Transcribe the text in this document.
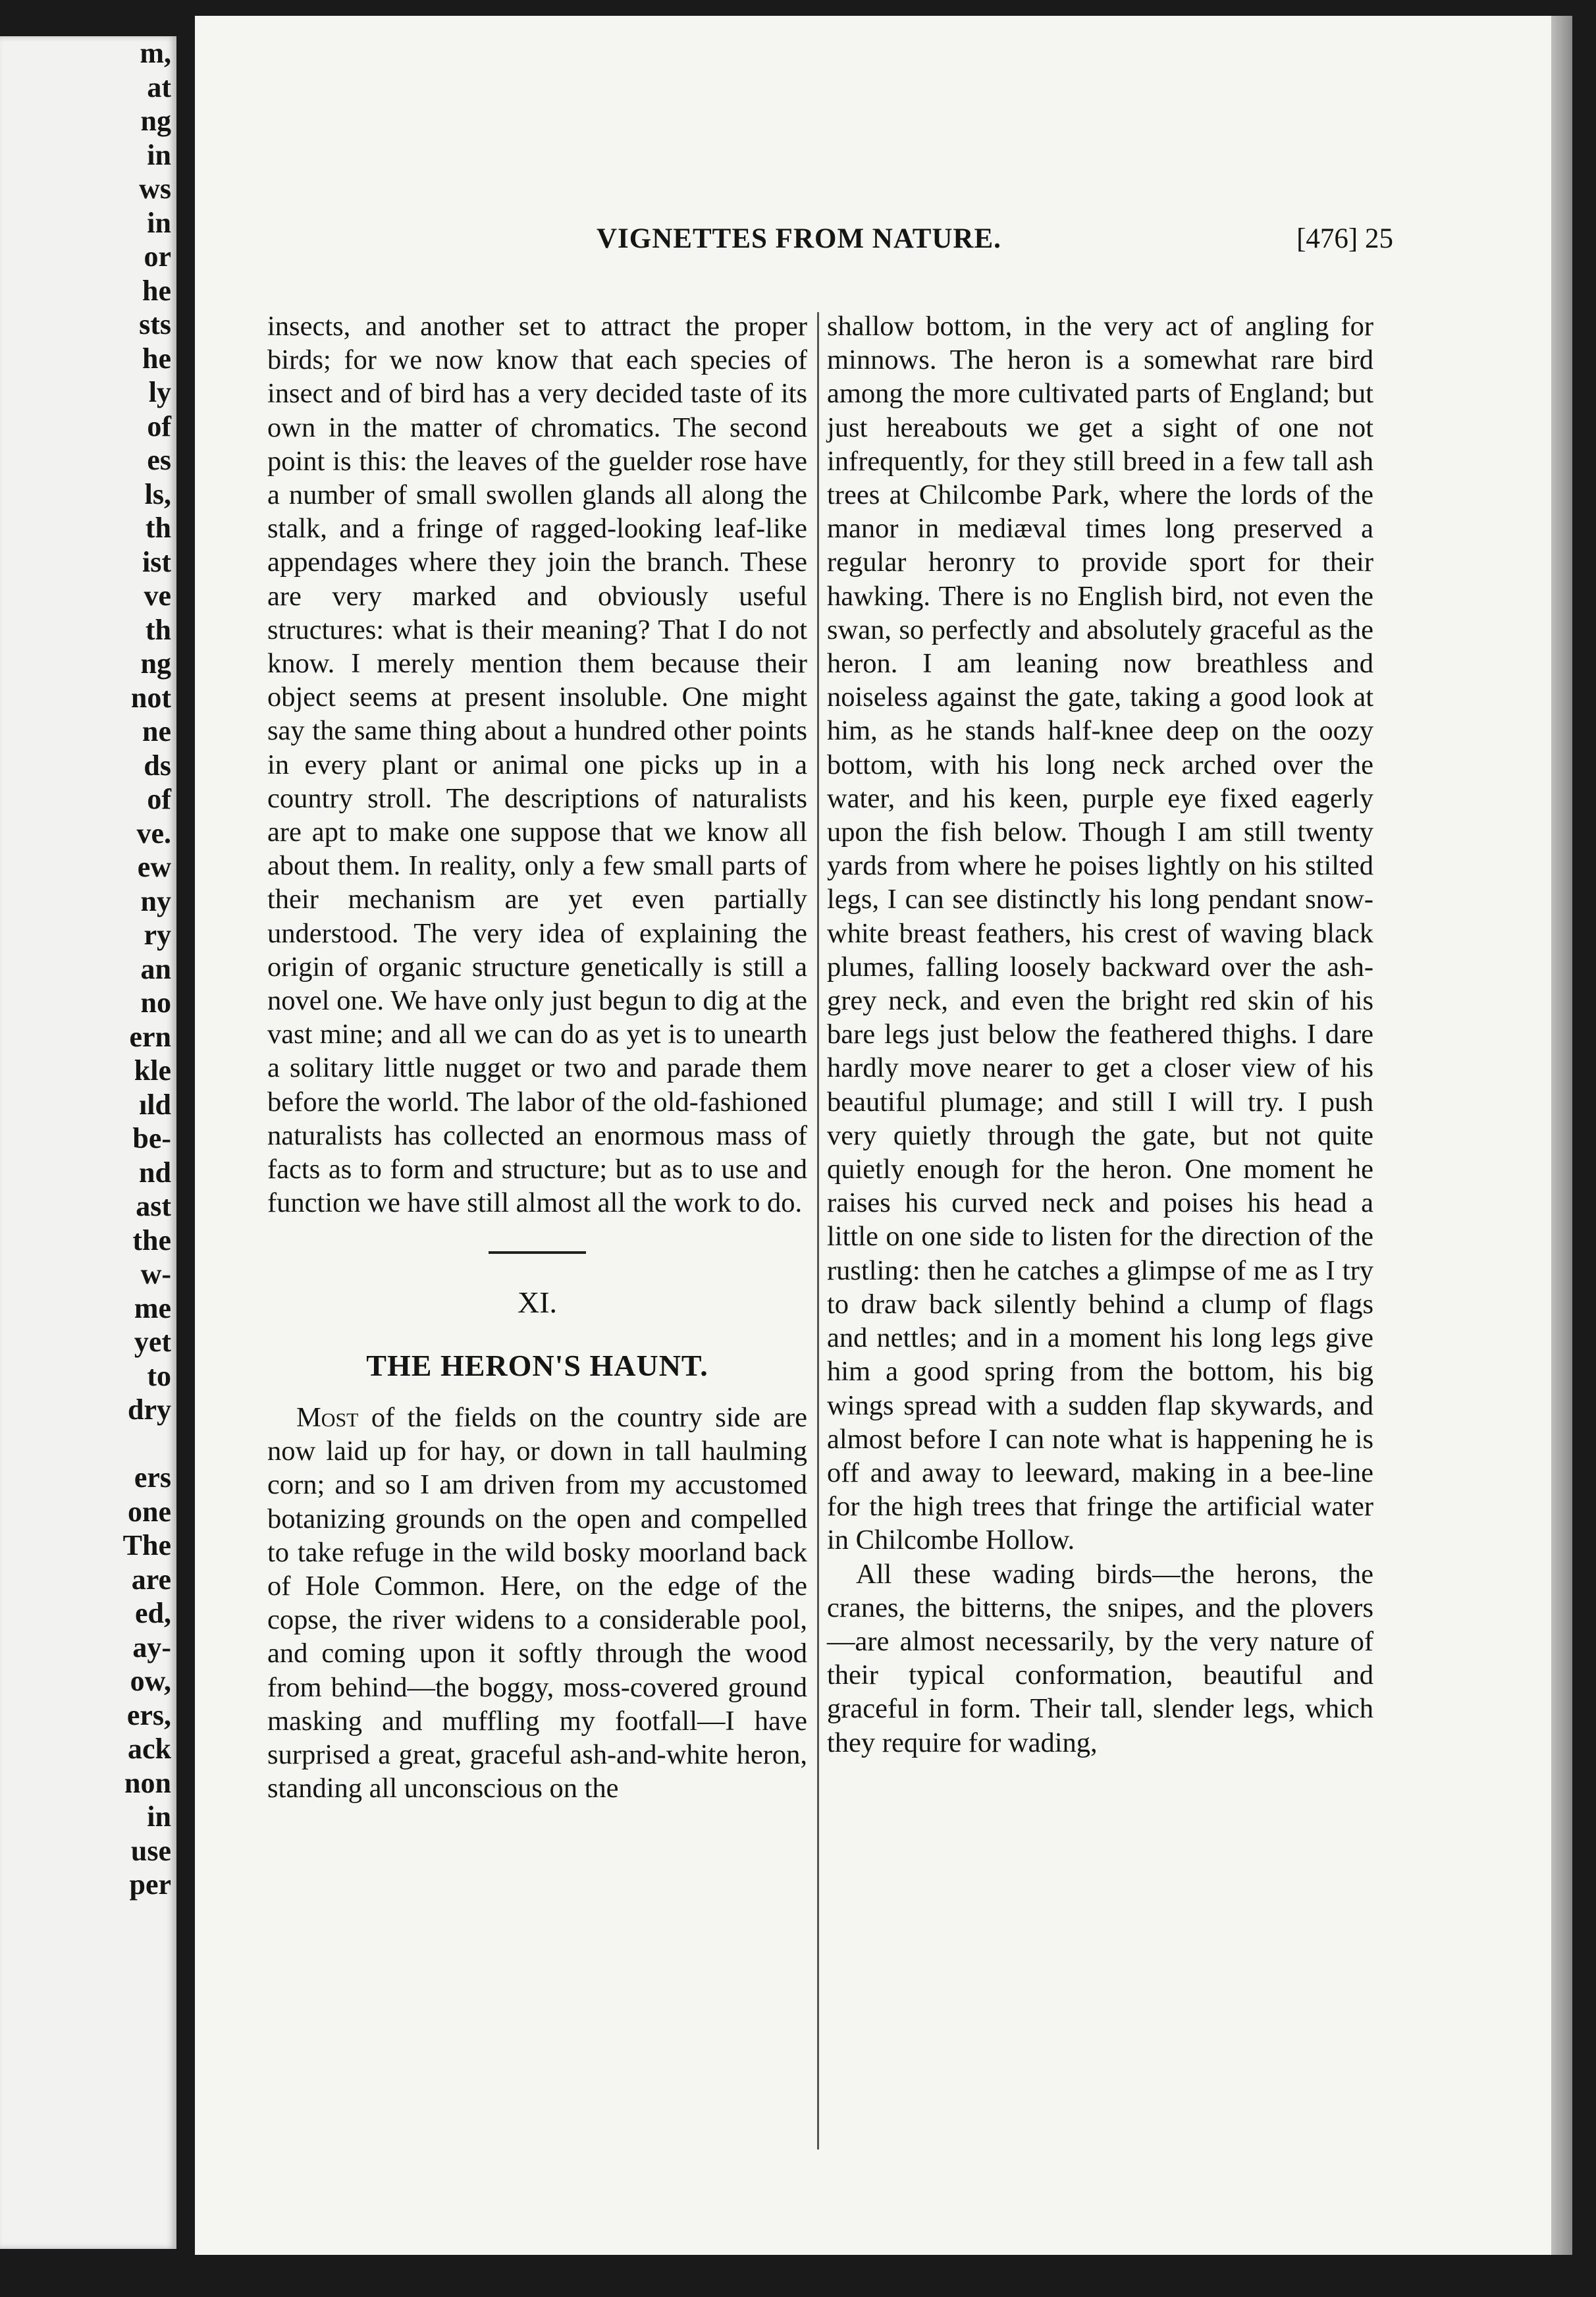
m,
at
ng
in
ws
in
or
he
sts
he
ly
of
es
ls,
th
ist
ve
th
ng
not
ne
ds
of
ve.
ew
ny
ry
an
no
ern
kle
ıld
be-
nd
ast
the
w-
me
yet
to
dry
ers
one
The
are
ed,
ay-
ow,
ers,
ack
non
in
use
per
VIGNETTES FROM NATURE.	[476] 25

insects, and another set to attract the proper birds; for we now know that each species of insect and of bird has a very decided taste of its own in the matter of chromatics. The second point is this: the leaves of the guelder rose have a number of small swollen glands all along the stalk, and a fringe of ragged-looking leaf-like appendages where they join the branch. These are very marked and obviously useful structures: what is their meaning? That I do not know. I merely mention them because their object seems at present insoluble. One might say the same thing about a hundred other points in every plant or animal one picks up in a country stroll. The descriptions of naturalists are apt to make one suppose that we know all about them. In reality, only a few small parts of their mechanism are yet even partially understood. The very idea of explaining the origin of organic structure genetically is still a novel one. We have only just begun to dig at the vast mine; and all we can do as yet is to unearth a solitary little nugget or two and parade them before the world. The labor of the old-fashioned naturalists has collected an enormous mass of facts as to form and structure; but as to use and function we have still almost all the work to do.

XI.
THE HERON'S HAUNT.

Most of the fields on the country side are now laid up for hay, or down in tall haulming corn; and so I am driven from my accustomed botanizing grounds on the open and compelled to take refuge in the wild bosky moorland back of Hole Common. Here, on the edge of the copse, the river widens to a considerable pool, and coming upon it softly through the wood from behind—the boggy, moss-covered ground masking and muffling my footfall—I have surprised a great, graceful ash-and-white heron, standing all unconscious on the

shallow bottom, in the very act of angling for minnows. The heron is a somewhat rare bird among the more cultivated parts of England; but just hereabouts we get a sight of one not infrequently, for they still breed in a few tall ash trees at Chilcombe Park, where the lords of the manor in mediæval times long preserved a regular heronry to provide sport for their hawking. There is no English bird, not even the swan, so perfectly and absolutely graceful as the heron. I am leaning now breathless and noiseless against the gate, taking a good look at him, as he stands half-knee deep on the oozy bottom, with his long neck arched over the water, and his keen, purple eye fixed eagerly upon the fish below. Though I am still twenty yards from where he poises lightly on his stilted legs, I can see distinctly his long pendant snow-white breast feathers, his crest of waving black plumes, falling loosely backward over the ash-grey neck, and even the bright red skin of his bare legs just below the feathered thighs. I dare hardly move nearer to get a closer view of his beautiful plumage; and still I will try. I push very quietly through the gate, but not quite quietly enough for the heron. One moment he raises his curved neck and poises his head a little on one side to listen for the direction of the rustling: then he catches a glimpse of me as I try to draw back silently behind a clump of flags and nettles; and in a moment his long legs give him a good spring from the bottom, his big wings spread with a sudden flap skywards, and almost before I can note what is happening he is off and away to leeward, making in a bee-line for the high trees that fringe the artificial water in Chilcombe Hollow.

All these wading birds—the herons, the cranes, the bitterns, the snipes, and the plovers—are almost necessarily, by the very nature of their typical conformation, beautiful and graceful in form. Their tall, slender legs, which they require for wading,
